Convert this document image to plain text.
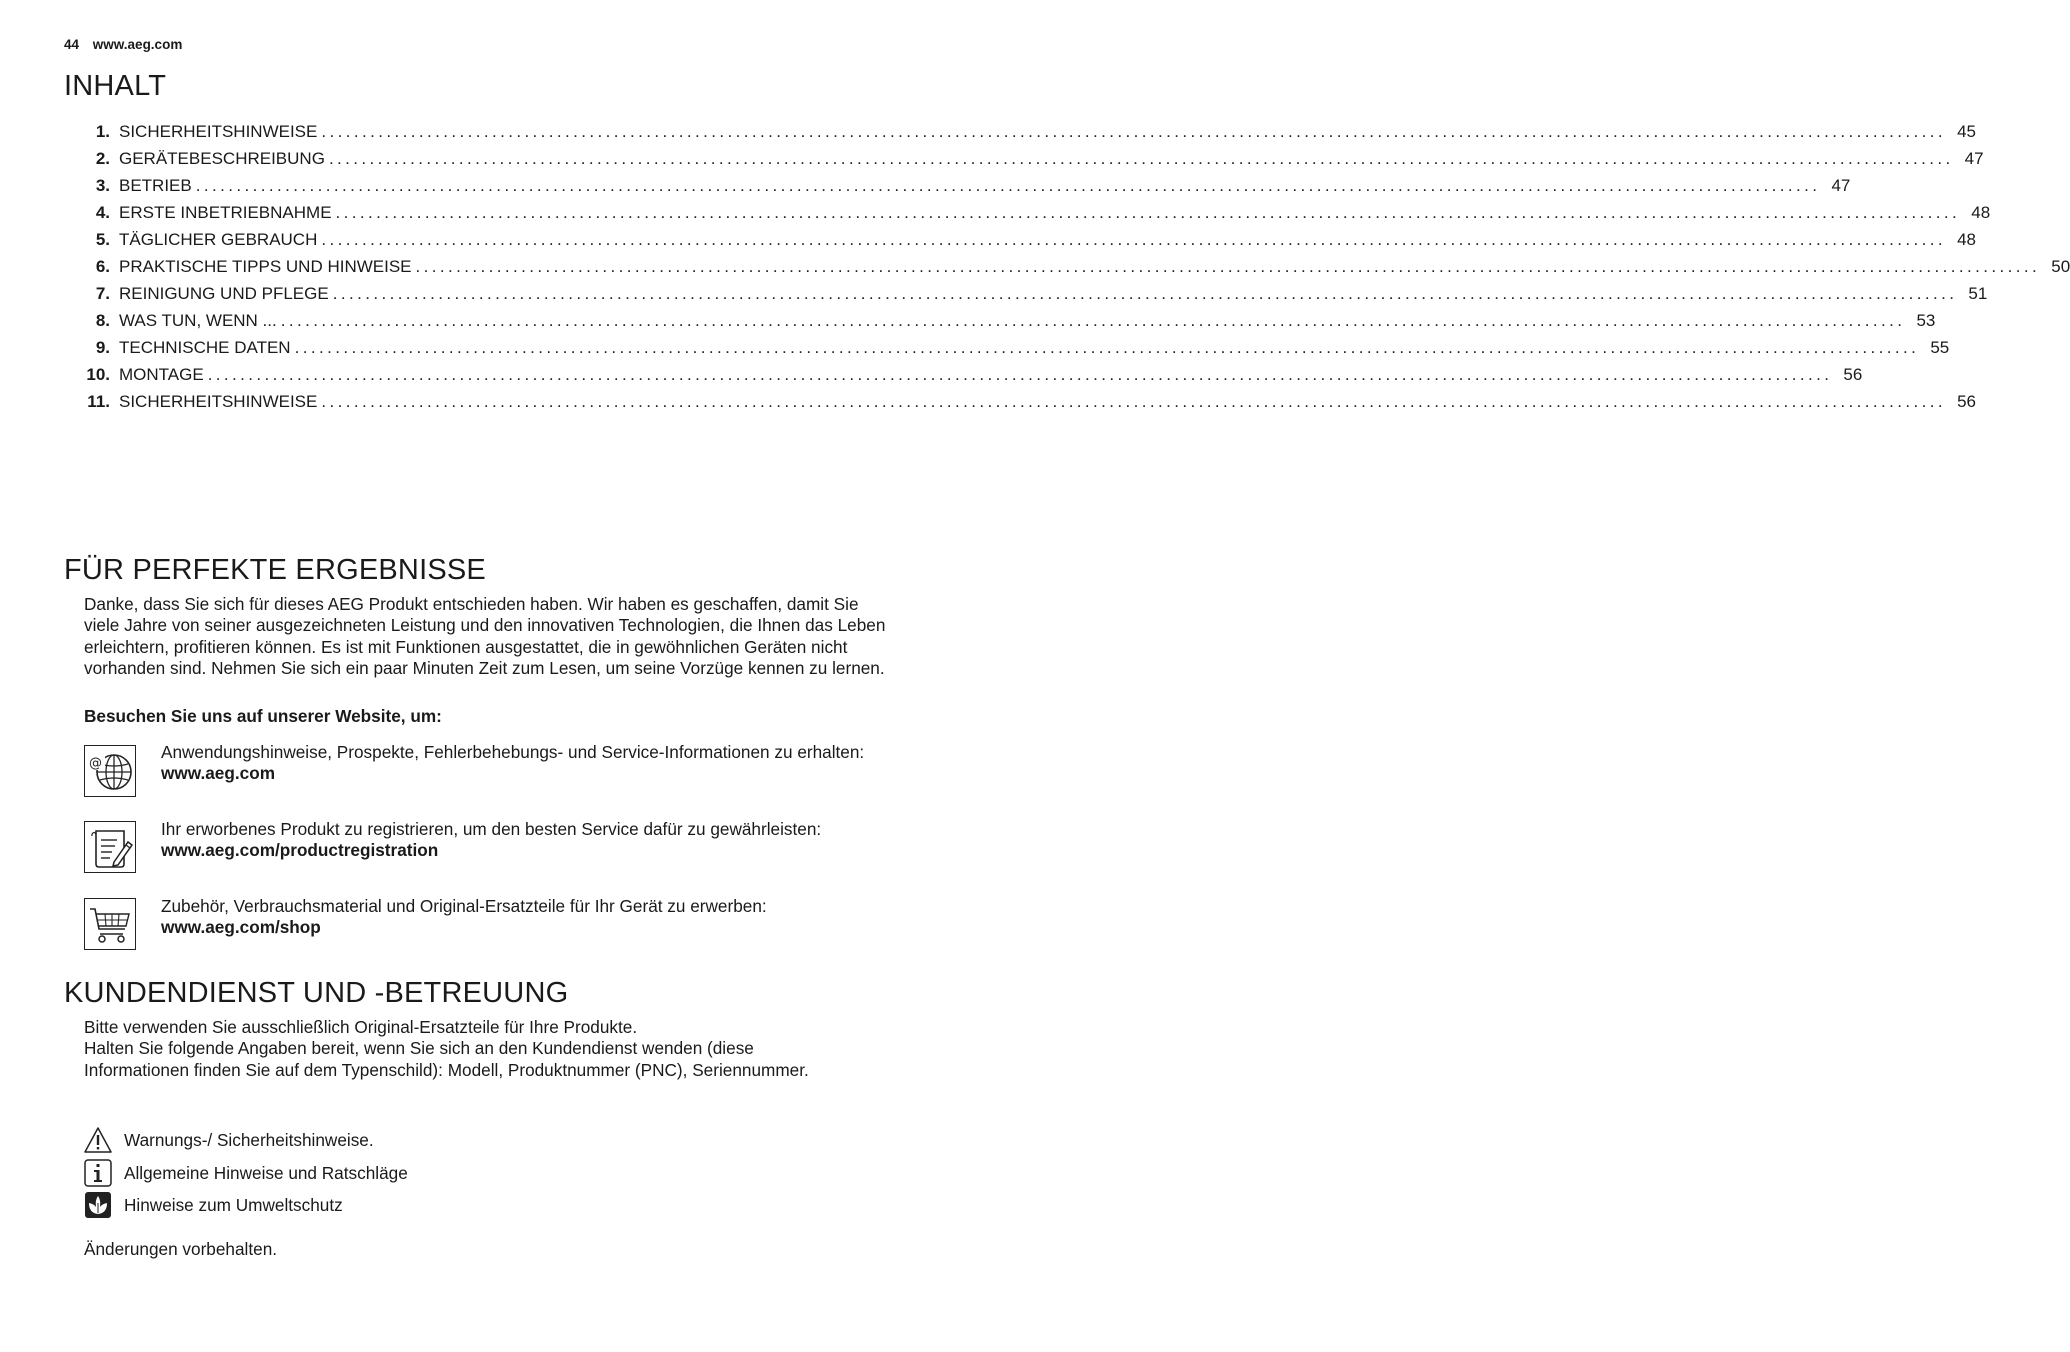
44 www.aeg.com
INHALT
1. SICHERHEITSHINWEISE ........................................................................................................................................................................................................ 45
2. GERÄTEBESCHREIBUNG ........................................................................................................................................................................................................ 47
3. BETRIEB ........................................................................................................................................................................................................ 47
4. ERSTE INBETRIEBNAHME ........................................................................................................................................................................................................ 48
5. TÄGLICHER GEBRAUCH ........................................................................................................................................................................................................ 48
6. PRAKTISCHE TIPPS UND HINWEISE ........................................................................................................................................................................................................ 50
7. REINIGUNG UND PFLEGE ........................................................................................................................................................................................................ 51
8. WAS TUN, WENN ... ........................................................................................................................................................................................................ 53
9. TECHNISCHE DATEN ........................................................................................................................................................................................................ 55
10. MONTAGE ........................................................................................................................................................................................................ 56
11. SICHERHEITSHINWEISE ........................................................................................................................................................................................................ 56
FÜR PERFEKTE ERGEBNISSE

Danke, dass Sie sich für dieses AEG Produkt entschieden haben. Wir haben es geschaffen, damit Sie viele Jahre von seiner ausgezeichneten Leistung und den innovativen Technologien, die Ihnen das Leben erleichtern, profitieren können. Es ist mit Funktionen ausgestattet, die in gewöhnlichen Geräten nicht vorhanden sind. Nehmen Sie sich ein paar Minuten Zeit zum Lesen, um seine Vorzüge kennen zu lernen.

Besuchen Sie uns auf unserer Website, um:

@
Anwendungshinweise, Prospekte, Fehlerbehebungs- und Service-Informationen zu erhalten:
www.aeg.com
Ihr erworbenes Produkt zu registrieren, um den besten Service dafür zu gewährleisten:
www.aeg.com/productregistration
Zubehör, Verbrauchsmaterial und Original-Ersatzteile für Ihr Gerät zu erwerben:
www.aeg.com/shop
KUNDENDIENST UND -BETREUUNG
Bitte verwenden Sie ausschließlich Original-Ersatzteile für Ihre Produkte.
Halten Sie folgende Angaben bereit, wenn Sie sich an den Kundendienst wenden (diese Informationen finden Sie auf dem Typenschild): Modell, Produktnummer (PNC), Seriennummer.
Warnungs-/ Sicherheitshinweise.
Allgemeine Hinweise und Ratschläge
Hinweise zum Umweltschutz

Änderungen vorbehalten.
